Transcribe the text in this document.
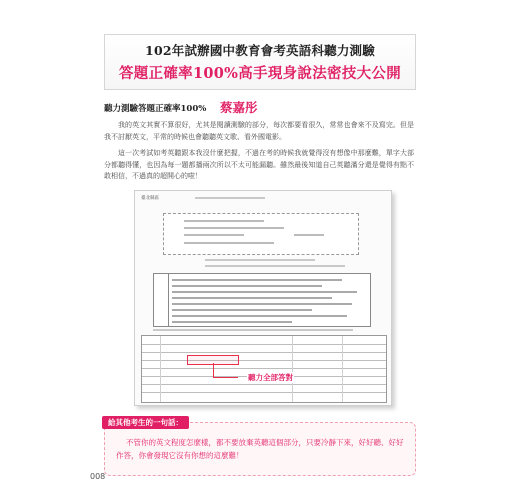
102年試辦國中教育會考英語科聽力測驗
答題正確率100%高手現身說法密技大公開
聽力測驗答題正確率100% 蔡嘉彤
我的英文其實不算很好，尤其是閱讀測驗的部分，每次都要看很久，常常也會來不及寫完。但是我不討厭英文，平常的時候也會聽聽英文歌、看外國電影。
這一次考試如考英聽跟本我沒什麼把握，不過在考的時候我就覺得沒有想像中那麼難，單字大部分都聽得懂，也因為每一題都播兩次所以不太可能漏聽。雖然最後知道自己英聽滿分還是覺得有點不敢相信，不過真的超開心的啦！
臺北縣區
聽力全部答對
給其他考生的一句話：
不管你的英文程度怎麼樣，都不要放棄英聽這個部分，只要冷靜下來，好好聽、好好作答，你會發現它沒有你想的這麼難！
008
